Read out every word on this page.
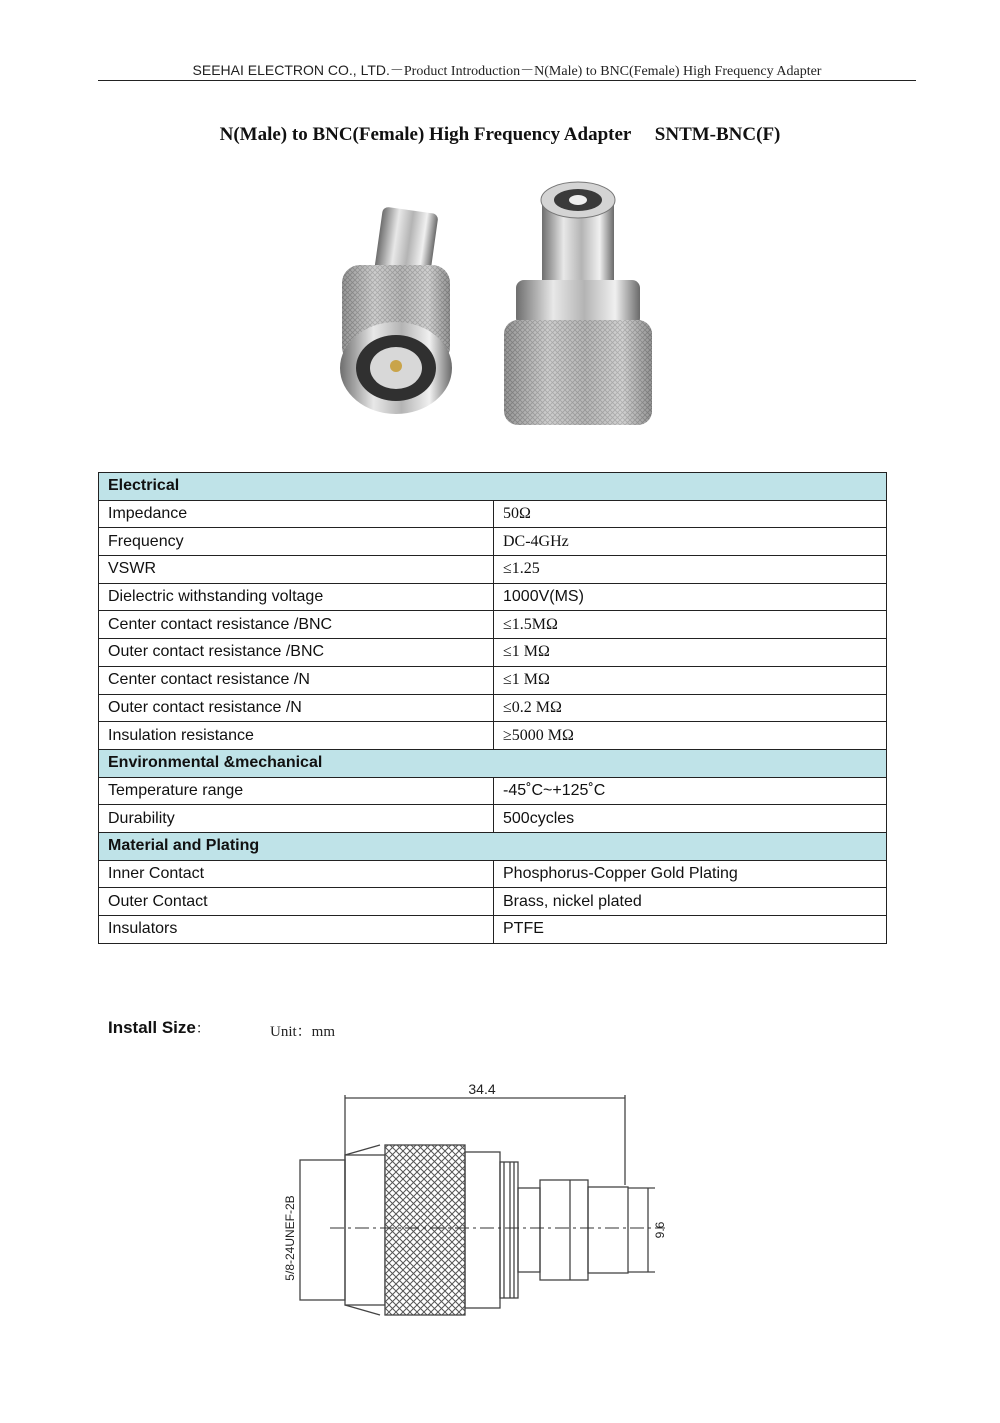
SEEHAI ELECTRON CO., LTD.－Product Introduction－N(Male) to BNC(Female) High Frequency Adapter
N(Male) to BNC(Female) High Frequency Adapter SNTM-BNC(F)
Electrical	
Impedance	50Ω
Frequency	DC-4GHz
VSWR	≤1.25
Dielectric withstanding voltage	1000V(MS)
Center contact resistance /BNC	≤1.5MΩ
Outer contact resistance /BNC	≤1 MΩ
Center contact resistance /N	≤1 MΩ
Outer contact resistance /N	≤0.2 MΩ
Insulation resistance	≥5000 MΩ
Environmental &mechanical	
Temperature range	-45˚C~+125˚C
Durability	500cycles
Material and Plating	
Inner Contact	Phosphorus-Copper Gold Plating
Outer Contact	Brass, nickel plated
Insulators	PTFE
Install Size：	Unit：mm
34.4
5/8-24UNEF-2B	9.6
